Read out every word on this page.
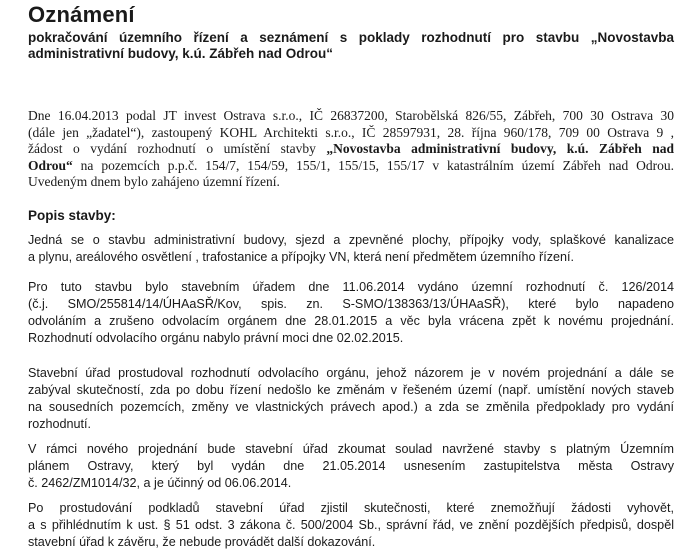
Oznámení
pokračování územního řízení a seznámení s poklady rozhodnutí pro stavbu „Novostavba
administrativní budovy, k.ú. Zábřeh nad Odrou“
Dne 16.04.2013 podal JT invest Ostrava s.r.o., IČ 26837200, Starobělská 826/55, Zábřeh, 700 30 Ostrava 30
(dále jen „žadatel“), zastoupený KOHL Architekti s.r.o., IČ 28597931, 28. října 960/178, 709 00 Ostrava 9 ,
žádost o vydání rozhodnutí o umístění stavby „Novostavba administrativní budovy, k.ú. Zábřeh nad
Odrou“ na pozemcích p.p.č. 154/7, 154/59, 155/1, 155/15, 155/17 v katastrálním území Zábřeh nad Odrou.
Uvedeným dnem bylo zahájeno územní řízení.
Popis stavby:
Jedná se o stavbu administrativní budovy, sjezd a zpevněné plochy, přípojky vody, splaškové kanalizace
a plynu, areálového osvětlení , trafostanice a přípojky VN, která není předmětem územního řízení.
Pro tuto stavbu bylo stavebním úřadem dne 11.06.2014 vydáno územní rozhodnutí č. 126/2014
(č.j. SMO/255814/14/ÚHAaSŘ/Kov, spis. zn. S-SMO/138363/13/ÚHAaSŘ), které bylo napadeno
odvoláním a zrušeno odvolacím orgánem dne 28.01.2015 a věc byla vrácena zpět k novému projednání.
Rozhodnutí odvolacího orgánu nabylo právní moci dne 02.02.2015.
Stavební úřad prostudoval rozhodnutí odvolacího orgánu, jehož názorem je v novém projednání a dále se
zabýval skutečností, zda po dobu řízení nedošlo ke změnám v řešeném území (např. umístění nových staveb
na sousedních pozemcích, změny ve vlastnických právech apod.) a zda se změnila předpoklady pro vydání
rozhodnutí.
V rámci nového projednání bude stavební úřad zkoumat soulad navržené stavby s platným Územním
plánem Ostravy, který byl vydán dne 21.05.2014 usnesením zastupitelstva města Ostravy
č. 2462/ZM1014/32, a je účinný od 06.06.2014.
Po prostudování podkladů stavební úřad zjistil skutečnosti, které znemožňují žádosti vyhovět,
a s přihlédnutím k ust. § 51 odst. 3 zákona č. 500/2004 Sb., správní řád, ve znění pozdějších předpisů, dospěl
stavební úřad k závěru, že nebude provádět další dokazování.
